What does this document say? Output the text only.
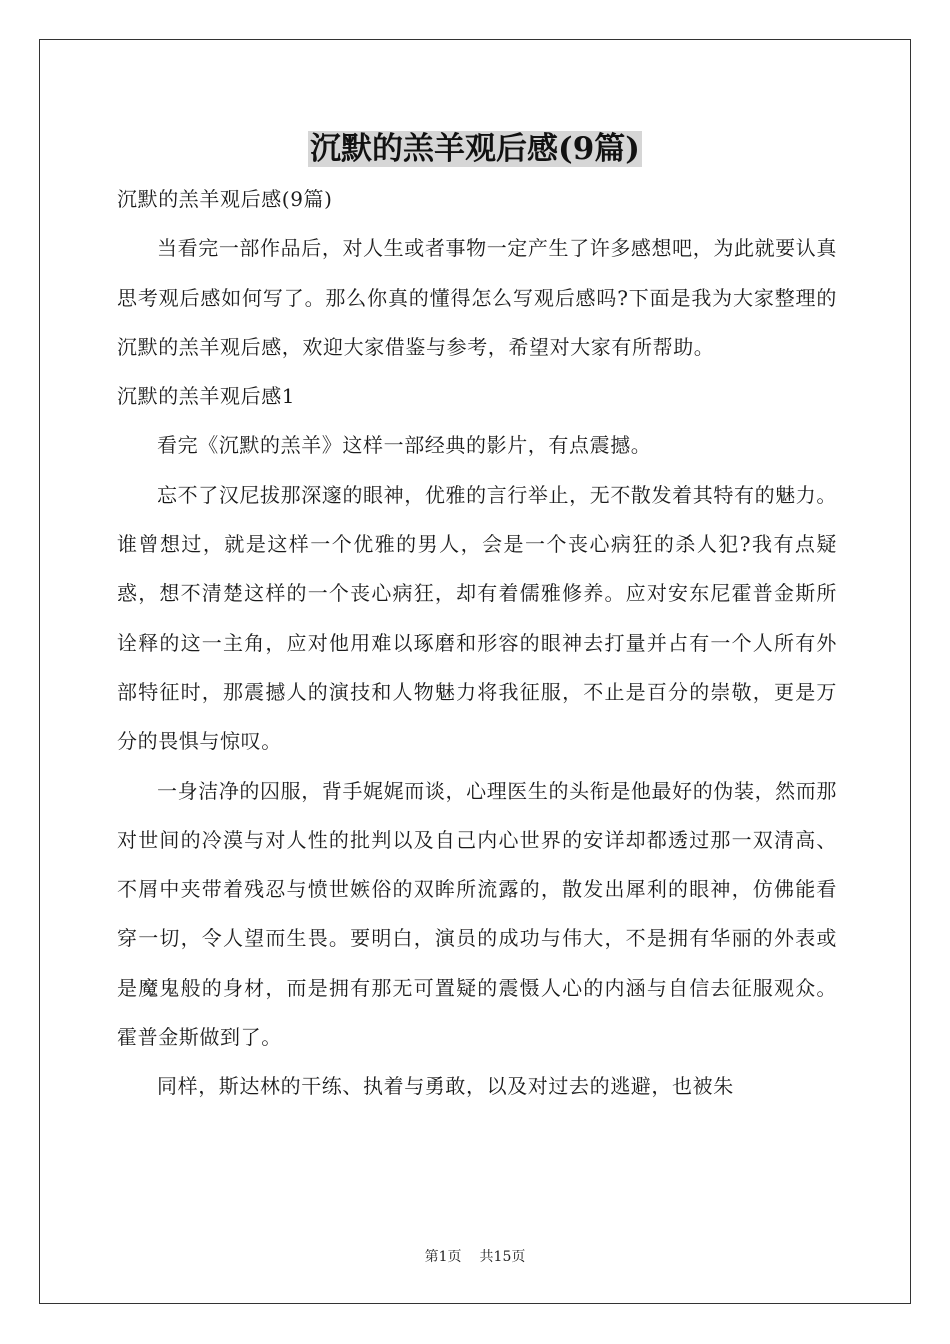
沉默的羔羊观后感(9篇)

沉默的羔羊观后感(9篇)

当看完一部作品后，对人生或者事物一定产生了许多感想吧，为此就要认真思考观后感如何写了。那么你真的懂得怎么写观后感吗?下面是我为大家整理的沉默的羔羊观后感，欢迎大家借鉴与参考，希望对大家有所帮助。

沉默的羔羊观后感1

看完《沉默的羔羊》这样一部经典的影片，有点震撼。

忘不了汉尼拔那深邃的眼神，优雅的言行举止，无不散发着其特有的魅力。谁曾想过，就是这样一个优雅的男人，会是一个丧心病狂的杀人犯?我有点疑惑，想不清楚这样的一个丧心病狂，却有着儒雅修养。应对安东尼霍普金斯所诠释的这一主角，应对他用难以琢磨和形容的眼神去打量并占有一个人所有外部特征时，那震撼人的演技和人物魅力将我征服，不止是百分的崇敬，更是万分的畏惧与惊叹。

一身洁净的囚服，背手娓娓而谈，心理医生的头衔是他最好的伪装，然而那对世间的冷漠与对人性的批判以及自己内心世界的安详却都透过那一双清高、不屑中夹带着残忍与愤世嫉俗的双眸所流露的，散发出犀利的眼神，仿佛能看穿一切，令人望而生畏。要明白，演员的成功与伟大，不是拥有华丽的外表或是魔鬼般的身材，而是拥有那无可置疑的震慑人心的内涵与自信去征服观众。霍普金斯做到了。

同样，斯达林的干练、执着与勇敢，以及对过去的逃避，也被朱

第1页 共15页
